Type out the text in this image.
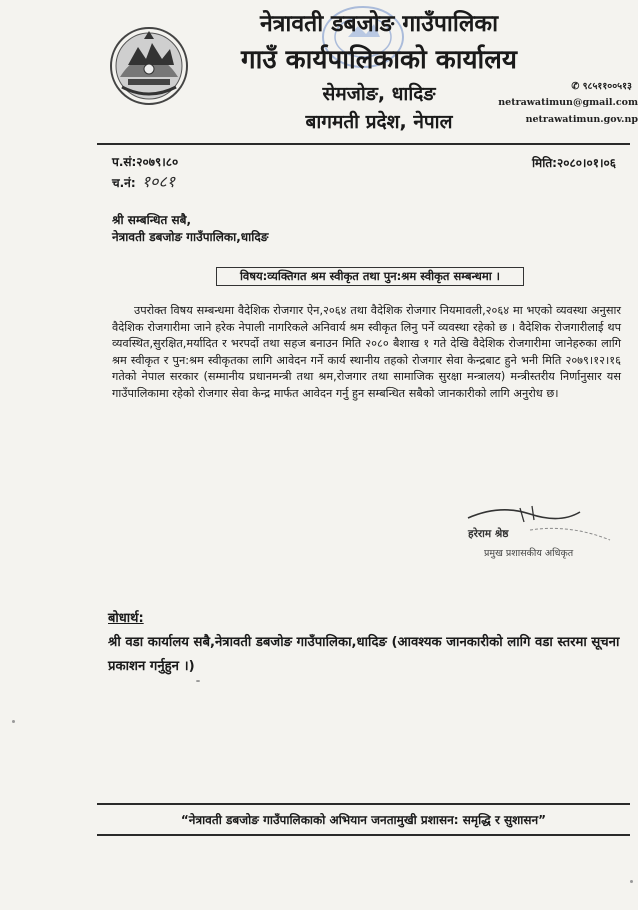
नेत्रावती डबजोङ गाउँपालिका
गाउँ कार्यपालिकाको कार्यालय
सेमजोङ, धादिङ
बागमती प्रदेश, नेपाल
✆ ९८५११००५१३
netrawatimun@gmail.com
netrawatimun.gov.np
प.सं:२०७९।८०
च.नं: १०८१
मिति:२०८०।०१।०६
श्री सम्बन्धित सबै,
नेत्रावती डबजोङ गाउँपालिका,धादिङ
विषय:व्यक्तिगत श्रम स्वीकृत तथा पुन:श्रम स्वीकृत सम्बन्धमा ।
उपरोक्त विषय सम्बन्धमा वैदेशिक रोजगार ऐन,२०६४ तथा वैदेशिक रोजगार नियमावली,२०६४ मा भएको व्यवस्था अनुसार वैदेशिक रोजगारीमा जाने हरेक नेपाली नागरिकले अनिवार्य श्रम स्वीकृत लिनु पर्ने व्यवस्था रहेको छ । वैदेशिक रोजगारीलाई थप व्यवस्थित,सुरक्षित,मर्यादित र भरपर्दो तथा सहज बनाउन मिति २०८० बैशाख १ गते देखि वैदेशिक रोजगारीमा जानेहरुका लागि श्रम स्वीकृत र पुन:श्रम स्वीकृतका लागि आवेदन गर्ने कार्य स्थानीय तहको रोजगार सेवा केन्द्रबाट हुने भनी मिति २०७९।१२।१६ गतेको नेपाल सरकार (सम्मानीय प्रधानमन्त्री तथा श्रम,रोजगार तथा सामाजिक सुरक्षा मन्त्रालय) मन्त्रीस्तरीय निर्णानुसार यस गाउँपालिकामा रहेको रोजगार सेवा केन्द्र मार्फत आवेदन गर्नु हुन सम्बन्धित सबैको जानकारीको लागि अनुरोध छ।
हरेराम श्रेष्ठ
प्रमुख प्रशासकीय अधिकृत
बोधार्थ:
श्री वडा कार्यालय सबै,नेत्रावती डबजोङ गाउँपालिका,धादिङ (आवश्यक जानकारीको लागि वडा स्तरमा सूचना प्रकाशन गर्नुहुन ।)
“नेत्रावती डबजोङ गाउँपालिकाको अभियान जनतामुखी प्रशासन: समृद्धि र सुशासन”
